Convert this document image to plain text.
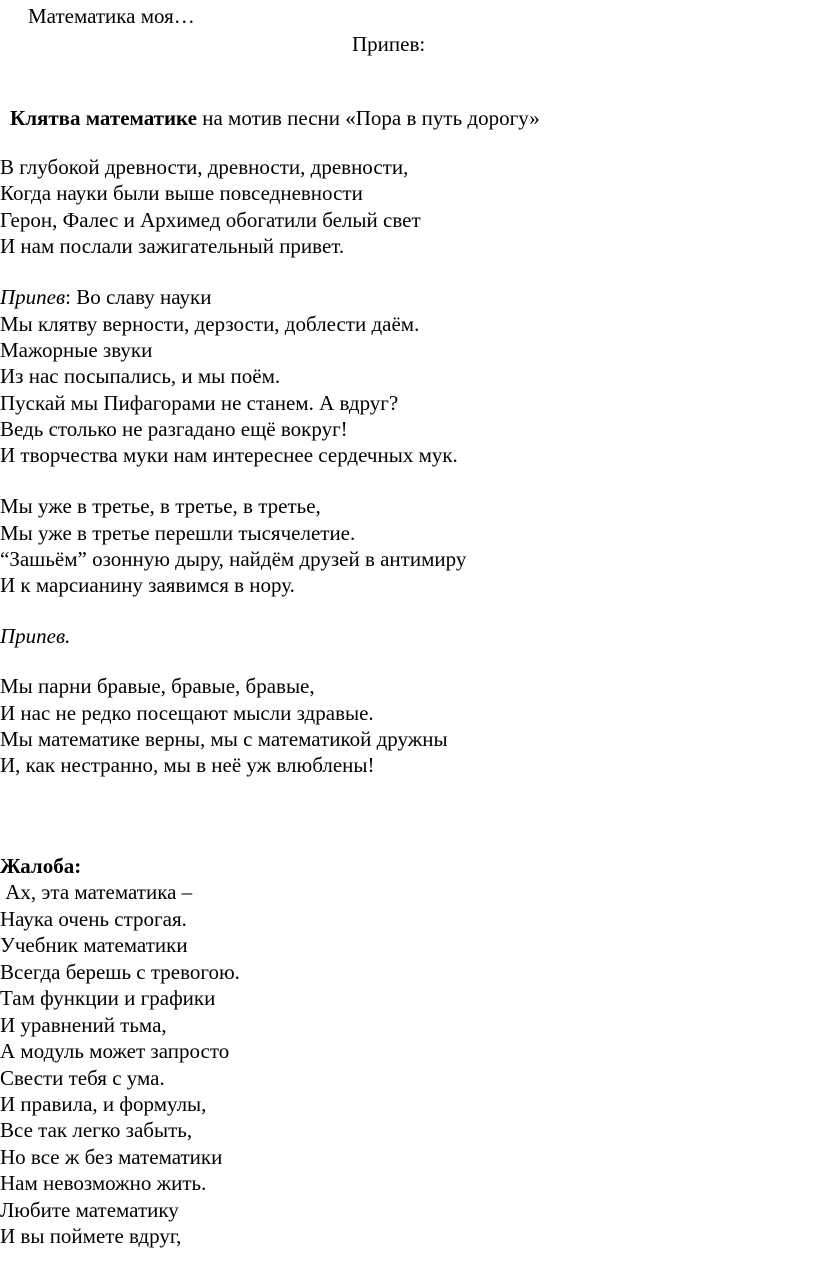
Математика моя…
Припев:
Клятва математике на мотив песни «Пора в путь дорогу»
В глубокой древности, древности, древности,
Когда науки были выше повседневности
Герон, Фалес и Архимед обогатили белый свет
И нам послали зажигательный привет.
Припев: Во славу науки
Мы клятву верности, дерзости, доблести даём.
Мажорные звуки
Из нас посыпались, и мы поём.
Пускай мы Пифагорами не станем. А вдруг?
Ведь столько не разгадано ещё вокруг!
И творчества муки нам интереснее сердечных мук.
Мы уже в третье, в третье, в третье,
Мы уже в третье перешли тысячелетие.
“Зашьём” озонную дыру, найдём друзей в антимиру
И к марсианину заявимся в нору.
Припев.
Мы парни бравые, бравые, бравые,
И нас не редко посещают мысли здравые.
Мы математике верны, мы с математикой дружны
И, как нестранно, мы в неё уж влюблены!
Жалоба:
Ах, эта математика –
Наука очень строгая.
Учебник математики
Всегда берешь с тревогою.
Там функции и графики
И уравнений тьма,
А модуль может запросто
Свести тебя с ума.
И правила, и формулы,
Все так легко забыть,
Но все ж без математики
Нам невозможно жить.
Любите математику
И вы поймете вдруг,
